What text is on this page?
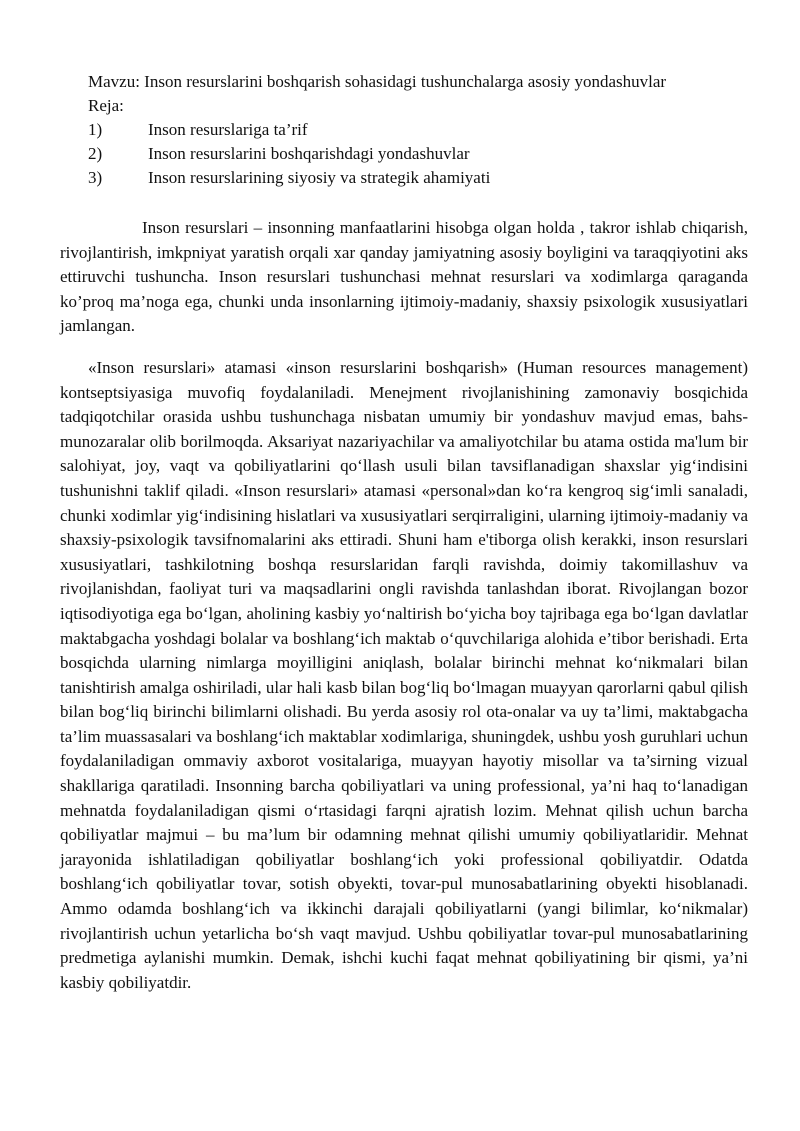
Mavzu: Inson resurslarini boshqarish sohasidagi tushunchalarga asosiy yondashuvlar
Reja:
1)	Inson resurslariga ta’rif
2)	Inson resurslarini boshqarishdagi yondashuvlar
3)	Inson resurslarining siyosiy va strategik ahamiyati

Inson resurslari – insonning manfaatlarini hisobga olgan holda , takror ishlab chiqarish, rivojlantirish, imkpniyat yaratish orqali xar qanday jamiyatning asosiy boyligini va taraqqiyotini aks ettiruvchi tushuncha. Inson resurslari tushunchasi mehnat resurslari va xodimlarga qaraganda ko’proq ma’noga ega, chunki unda insonlarning ijtimoiy-madaniy, shaxsiy psixologik xususiyatlari jamlangan.

«Inson resurslari» atamasi «inson resurslarini boshqarish» (Human resources management) kontseptsiyasiga muvofiq foydalaniladi. Menejment rivojlanishining zamonaviy bosqichida tadqiqotchilar orasida ushbu tushunchaga nisbatan umumiy bir yondashuv mavjud emas, bahs-munozaralar olib borilmoqda. Aksariyat nazariyachilar va amaliyotchilar bu atama ostida ma'lum bir salohiyat, joy, vaqt va qobiliyatlarini qo‘llash usuli bilan tavsiflanadigan shaxslar yig‘indisini tushunishni taklif qiladi. «Inson resurslari» atamasi «personal»dan ko‘ra kengroq sig‘imli sanaladi, chunki xodimlar yig‘indisining hislatlari va xususiyatlari serqirraligini, ularning ijtimoiy-madaniy va shaxsiy-psixologik tavsifnomalarini aks ettiradi. Shuni ham e'tiborga olish kerakki, inson resurslari xususiyatlari, tashkilotning boshqa resurslaridan farqli ravishda, doimiy takomillashuv va rivojlanishdan, faoliyat turi va maqsadlarini ongli ravishda tanlashdan iborat. Rivojlangan bozor iqtisodiyotiga ega bo‘lgan, aholining kasbiy yo‘naltirish bo‘yicha boy tajribaga ega bo‘lgan davlatlar maktabgacha yoshdagi bolalar va boshlang‘ich maktab o‘quvchilariga alohida e’tibor berishadi. Erta bosqichda ularning nimlarga moyilligini aniqlash, bolalar birinchi mehnat ko‘nikmalari bilan tanishtirish amalga oshiriladi, ular hali kasb bilan bog‘liq bo‘lmagan muayyan qarorlarni qabul qilish bilan bog‘liq birinchi bilimlarni olishadi. Bu yerda asosiy rol ota-onalar va uy ta’limi, maktabgacha ta’lim muassasalari va boshlang‘ich maktablar xodimlariga, shuningdek, ushbu yosh guruhlari uchun foydalaniladigan ommaviy axborot vositalariga, muayyan hayotiy misollar va ta’sirning vizual shakllariga qaratiladi. Insonning barcha qobiliyatlari va uning professional, ya’ni haq to‘lanadigan mehnatda foydalaniladigan qismi o‘rtasidagi farqni ajratish lozim. Mehnat qilish uchun barcha qobiliyatlar majmui – bu ma’lum bir odamning mehnat qilishi umumiy qobiliyatlaridir. Mehnat jarayonida ishlatiladigan qobiliyatlar boshlang‘ich yoki professional qobiliyatdir. Odatda boshlang‘ich qobiliyatlar tovar, sotish obyekti, tovar-pul munosabatlarining obyekti hisoblanadi. Ammo odamda boshlang‘ich va ikkinchi darajali qobiliyatlarni (yangi bilimlar, ko‘nikmalar) rivojlantirish uchun yetarlicha bo‘sh vaqt mavjud. Ushbu qobiliyatlar tovar-pul munosabatlarining predmetiga aylanishi mumkin. Demak, ishchi kuchi faqat mehnat qobiliyatining bir qismi, ya’ni kasbiy qobiliyatdir.
